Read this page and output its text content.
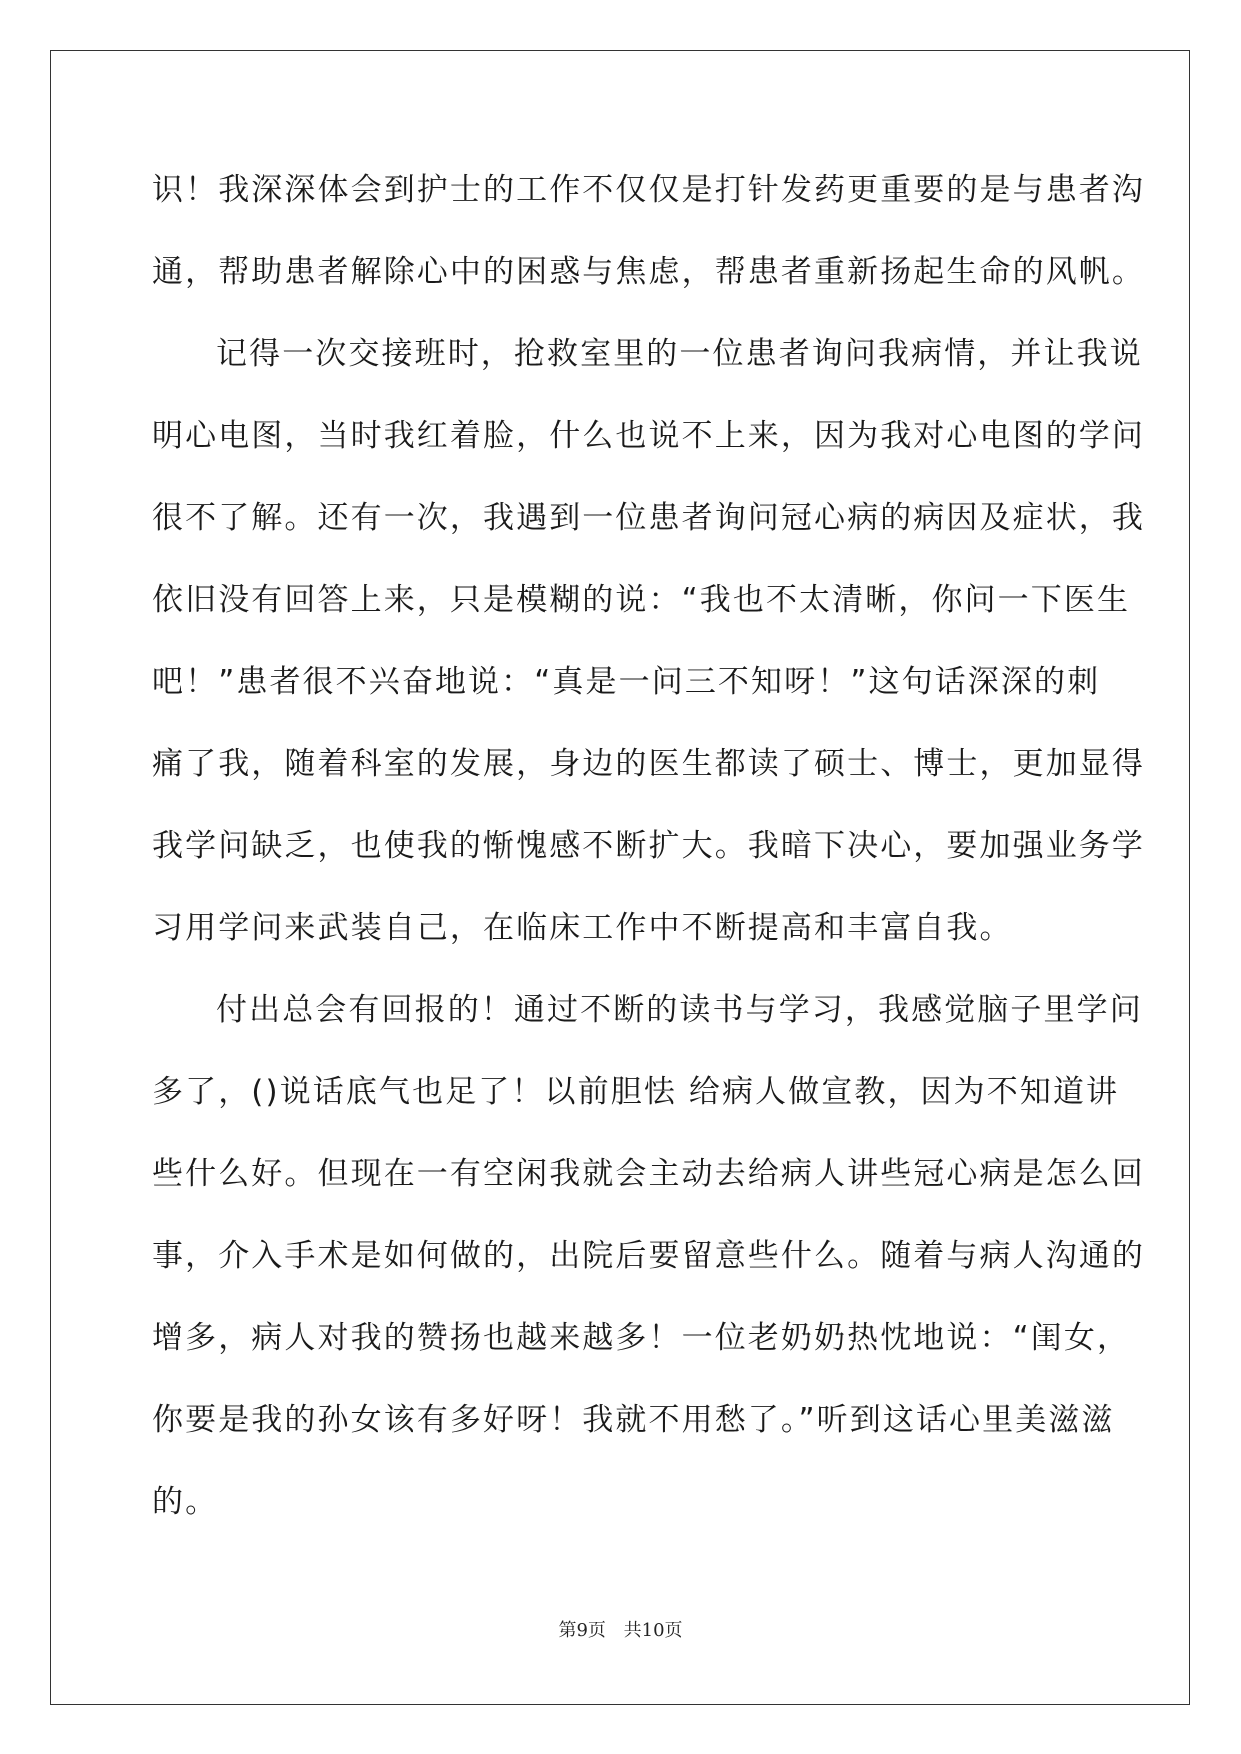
识！我深深体会到护士的工作不仅仅是打针发药更重要的是与患者沟
通，帮助患者解除心中的困惑与焦虑，帮患者重新扬起生命的风帆。
记得一次交接班时，抢救室里的一位患者询问我病情，并让我说
明心电图，当时我红着脸，什么也说不上来，因为我对心电图的学问
很不了解。还有一次，我遇到一位患者询问冠心病的病因及症状，我
依旧没有回答上来，只是模糊的说：“我也不太清晰，你问一下医生
吧！”患者很不兴奋地说：“真是一问三不知呀！”这句话深深的刺
痛了我，随着科室的发展，身边的医生都读了硕士、博士，更加显得
我学问缺乏，也使我的惭愧感不断扩大。我暗下决心，要加强业务学
习用学问来武装自己，在临床工作中不断提高和丰富自我。
付出总会有回报的！通过不断的读书与学习，我感觉脑子里学问
多了，()说话底气也足了！以前胆怯 给病人做宣教，因为不知道讲
些什么好。但现在一有空闲我就会主动去给病人讲些冠心病是怎么回
事，介入手术是如何做的，出院后要留意些什么。随着与病人沟通的
增多，病人对我的赞扬也越来越多！一位老奶奶热忱地说：“闺女，
你要是我的孙女该有多好呀！我就不用愁了。”听到这话心里美滋滋
的。
第9页 共10页
